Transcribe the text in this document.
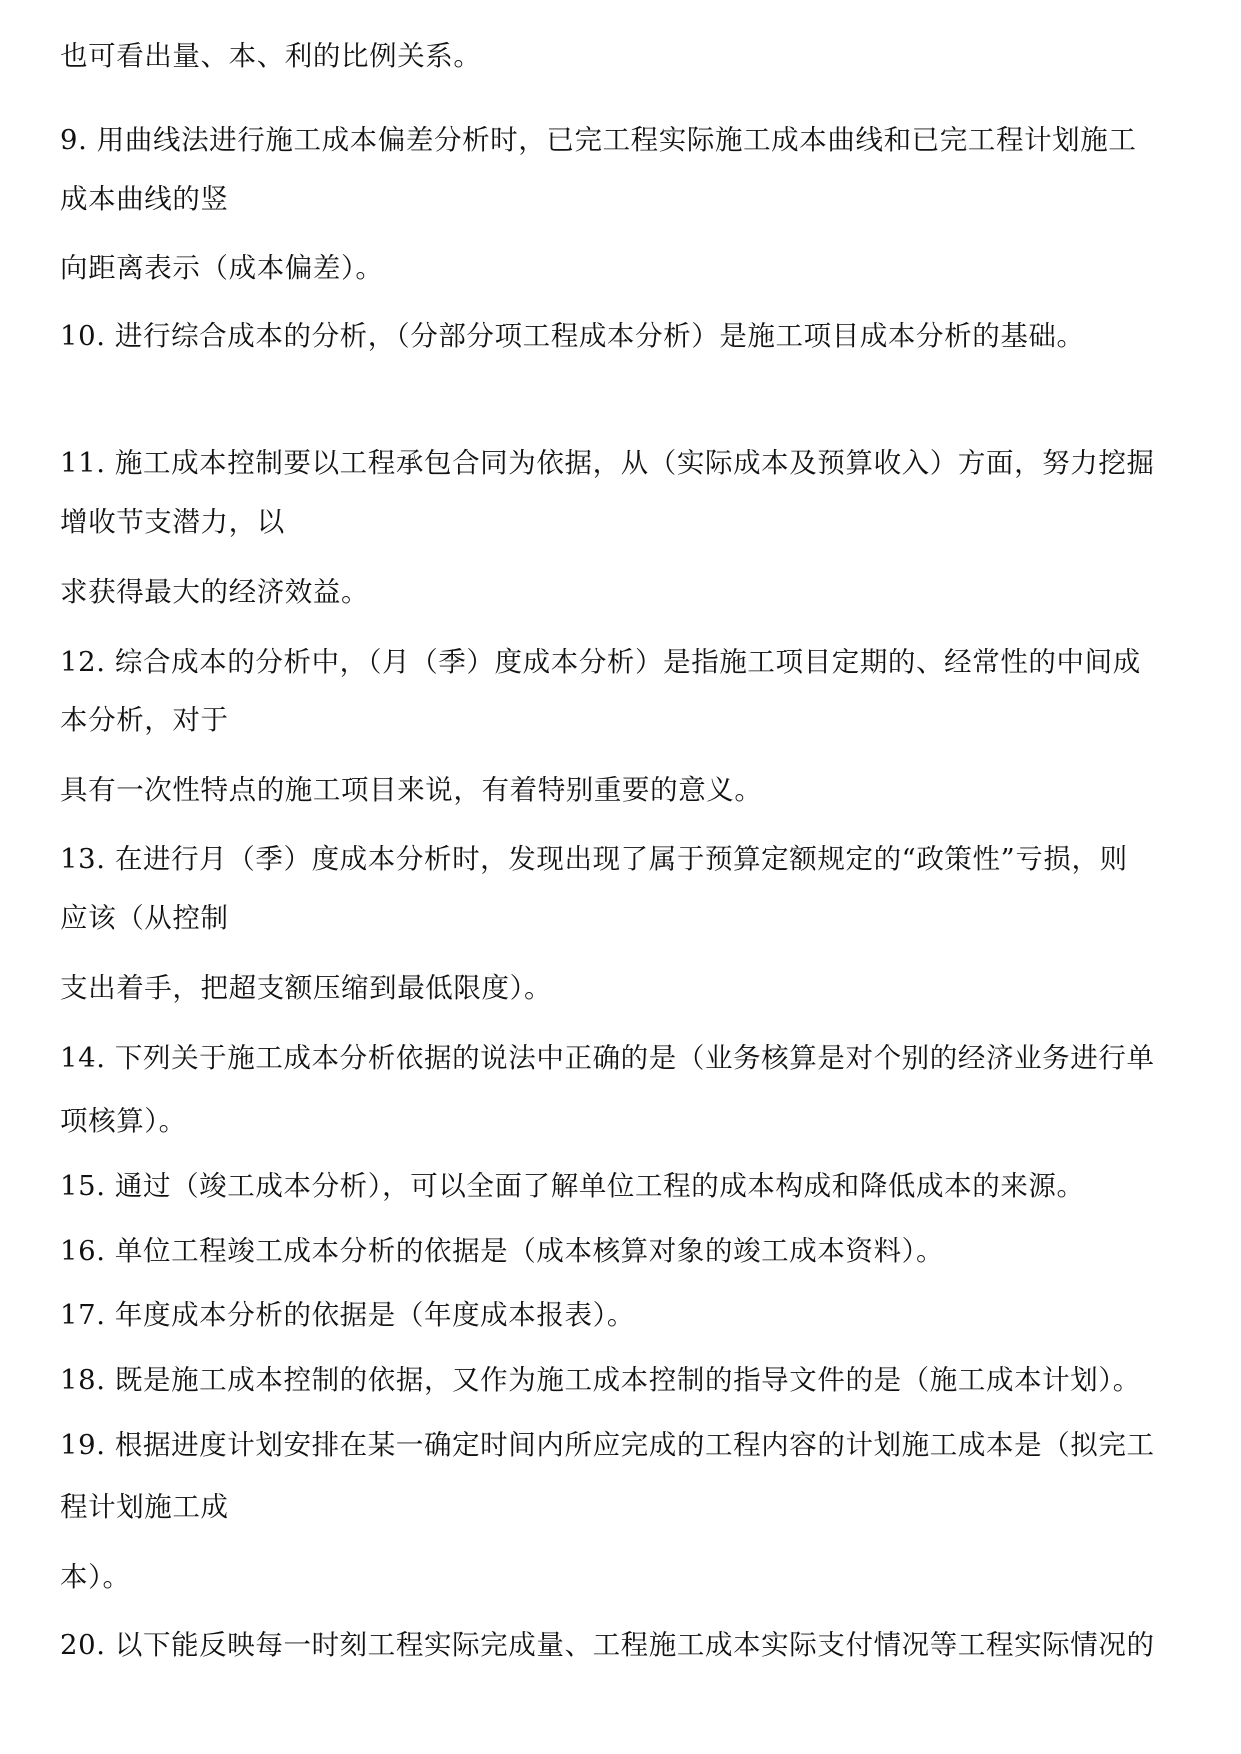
也可看出量、本、利的比例关系。
9. 用曲线法进行施工成本偏差分析时，已完工程实际施工成本曲线和已完工程计划施工
成本曲线的竖
向距离表示（成本偏差）。
10. 进行综合成本的分析，（分部分项工程成本分析）是施工项目成本分析的基础。
11. 施工成本控制要以工程承包合同为依据，从（实际成本及预算收入）方面，努力挖掘
增收节支潜力，以
求获得最大的经济效益。
12. 综合成本的分析中，（月（季）度成本分析）是指施工项目定期的、经常性的中间成
本分析，对于
具有一次性特点的施工项目来说，有着特别重要的意义。
13. 在进行月（季）度成本分析时，发现出现了属于预算定额规定的“政策性”亏损，则
应该（从控制
支出着手，把超支额压缩到最低限度）。
14. 下列关于施工成本分析依据的说法中正确的是（业务核算是对个别的经济业务进行单
项核算）。
15. 通过（竣工成本分析），可以全面了解单位工程的成本构成和降低成本的来源。
16. 单位工程竣工成本分析的依据是（成本核算对象的竣工成本资料）。
17. 年度成本分析的依据是（年度成本报表）。
18. 既是施工成本控制的依据，又作为施工成本控制的指导文件的是（施工成本计划）。
19. 根据进度计划安排在某一确定时间内所应完成的工程内容的计划施工成本是（拟完工
程计划施工成
本）。
20. 以下能反映每一时刻工程实际完成量、工程施工成本实际支付情况等工程实际情况的
